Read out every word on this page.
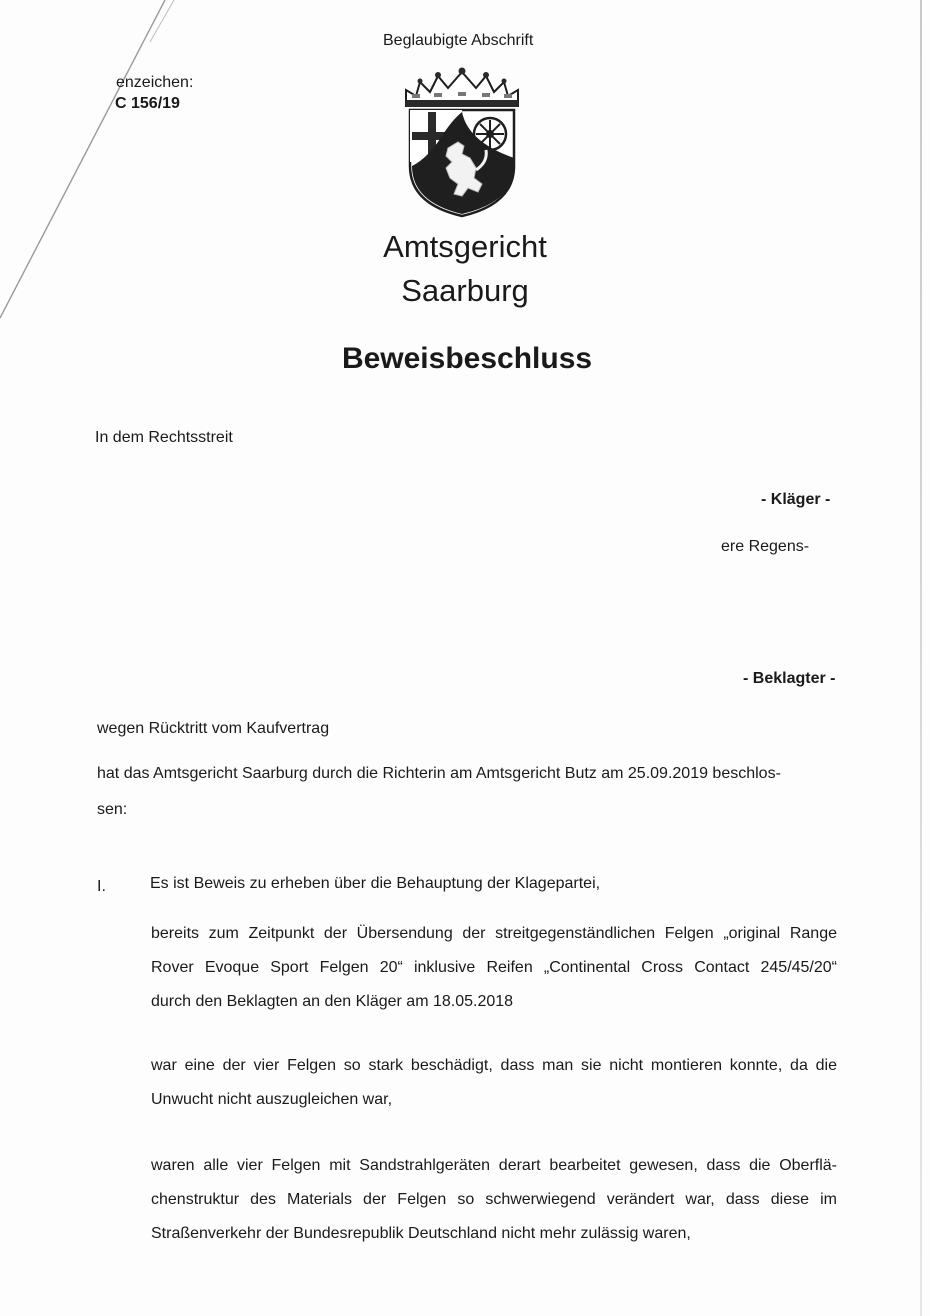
Beglaubigte Abschrift
enzeichen:
C 156/19
Amtsgericht
Saarburg
Beweisbeschluss
In dem Rechtsstreit
- Kläger -
ere Regens-
- Beklagter -
wegen Rücktritt vom Kaufvertrag
hat das Amtsgericht Saarburg durch die Richterin am Amtsgericht Butz am 25.09.2019 beschlos-
sen:
I.	Es ist Beweis zu erheben über die Behauptung der Klagepartei,
bereits zum Zeitpunkt der Übersendung der streitgegenständlichen Felgen „original Range
Rover Evoque Sport Felgen 20“ inklusive Reifen „Continental Cross Contact 245/45/20“
durch den Beklagten an den Kläger am 18.05.2018
war eine der vier Felgen so stark beschädigt, dass man sie nicht montieren konnte, da die
Unwucht nicht auszugleichen war,
waren alle vier Felgen mit Sandstrahlgeräten derart bearbeitet gewesen, dass die Oberflä-
chenstruktur des Materials der Felgen so schwerwiegend verändert war, dass diese im
Straßenverkehr der Bundesrepublik Deutschland nicht mehr zulässig waren,
